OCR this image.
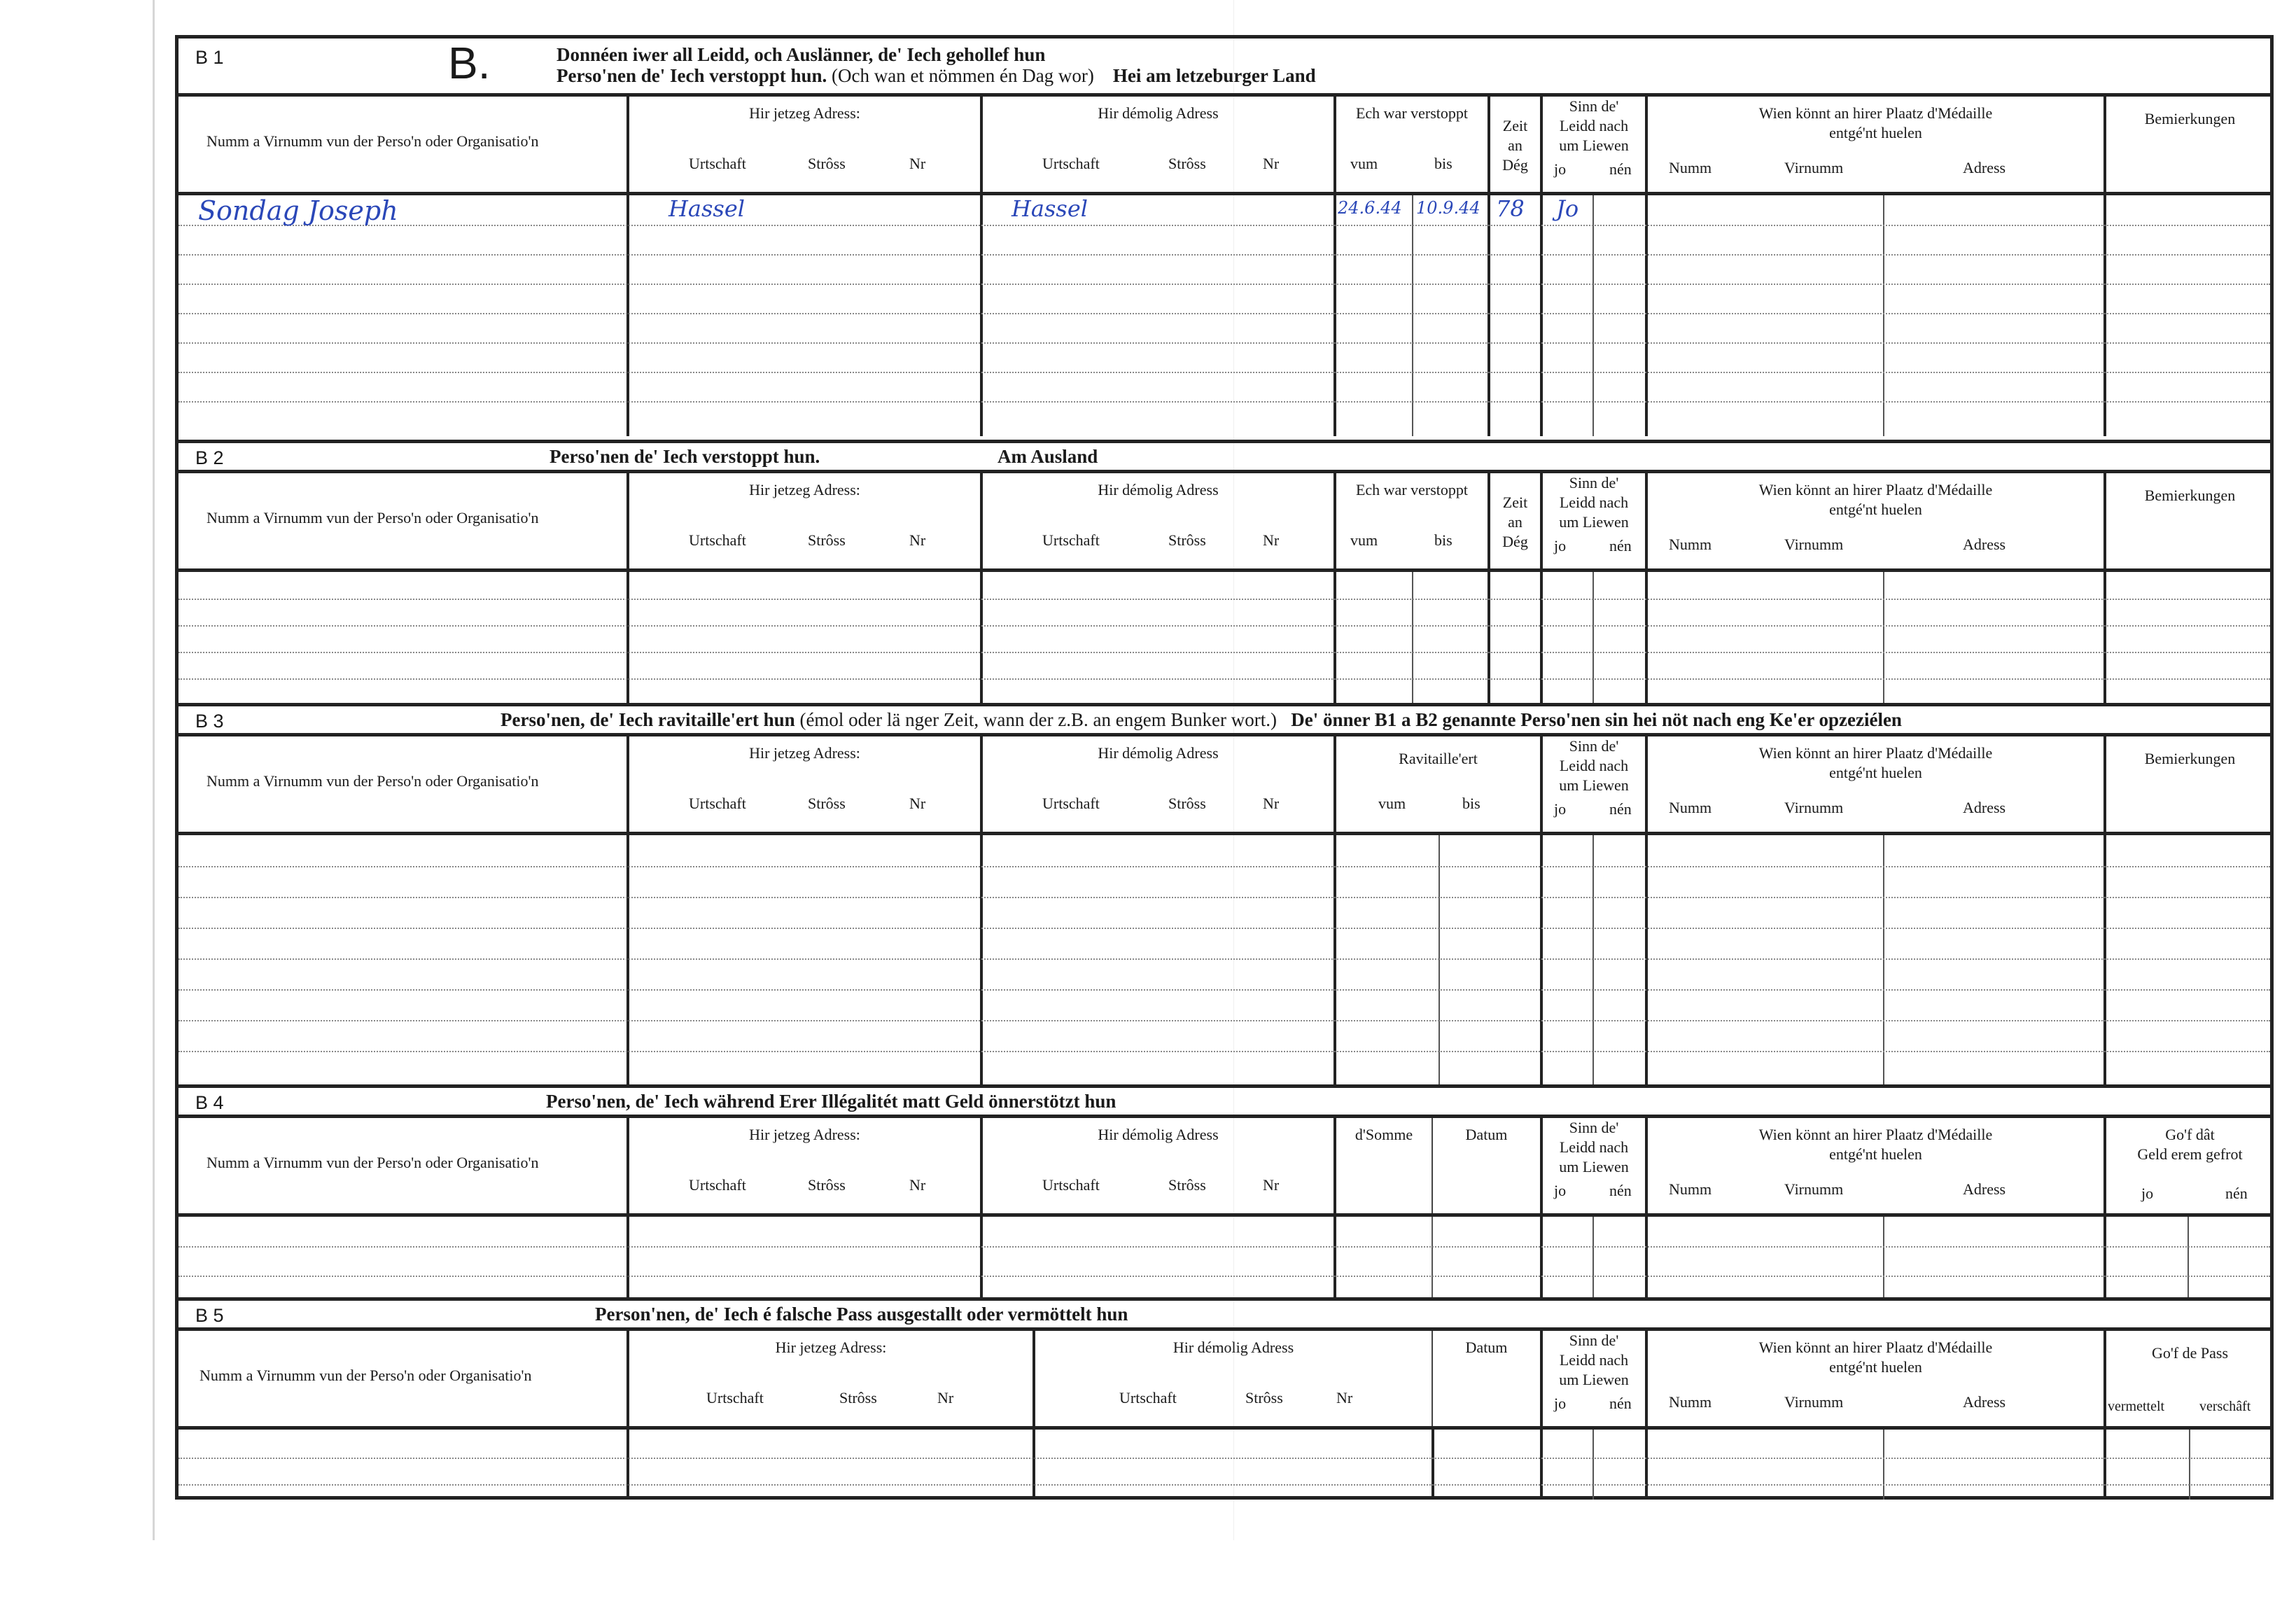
B 1	B.	Donnéen iwer all Leidd, och Auslänner, de' Iech gehollef hun
Perso'nen de' Iech verstoppt hun. (Och wan et nömmen én Dag wor) Hei am letzeburger Land
Numm a Virnumm vun der Perso'n oder Organisatio'n
Hir jetzeg Adress:
Urtschaft	Strôss	Nr
Hir démolig Adress
Urtschaft	Strôss	Nr
Ech war verstoppt
vum	bis
Zeit
an
Dég
Sinn de'
Leidd nach
um Liewen
jo	nén
Wien könnt an hirer Plaatz d'Médaille
entgé'nt huelen
Numm	Virnumm	Adress
Bemierkungen
Sondag Joseph	Hassel	Hassel	24.6.44 10.9.44 78 Jo
B 2	Perso'nen de' Iech verstoppt hun.	Am Ausland
Numm a Virnumm vun der Perso'n oder Organisatio'n
Hir jetzeg Adress:
Urtschaft	Strôss	Nr
Hir démolig Adress
Urtschaft	Strôss	Nr
Ech war verstoppt
vum	bis
Zeit
an
Dég
Sinn de'
Leidd nach
um Liewen
jo	nén
Wien könnt an hirer Plaatz d'Médaille
entgé'nt huelen
Numm	Virnumm	Adress
Bemierkungen
B 3	Perso'nen, de' Iech ravitaille'ert hun (émol oder lä nger Zeit, wann der z.B. an engem Bunker wort.) De' önner B1 a B2 genannte Perso'nen sin hei nöt nach eng Ke'er opzeziélen
Numm a Virnumm vun der Perso'n oder Organisatio'n
Hir jetzeg Adress:
Urtschaft	Strôss	Nr
Hir démolig Adress
Urtschaft	Strôss	Nr
Ravitaille'ert
vum	bis
Sinn de'
Leidd nach
um Liewen
jo	nén
Wien könnt an hirer Plaatz d'Médaille
entgé'nt huelen
Numm	Virnumm	Adress
Bemierkungen
B 4	Perso'nen, de' Iech während Erer Illégalitét matt Geld önnerstötzt hun
Numm a Virnumm vun der Perso'n oder Organisatio'n
Hir jetzeg Adress:
Urtschaft	Strôss	Nr
Hir démolig Adress
Urtschaft	Strôss	Nr
d'Somme	Datum	Sinn de'
Leidd nach
um Liewen
jo	nén
Wien könnt an hirer Plaatz d'Médaille
entgé'nt huelen
Numm	Virnumm	Adress
Go'f dât
Geld erem gefrot
jo	nén
B 5	Person'nen, de' Iech é falsche Pass ausgestallt oder vermöttelt hun
Numm a Virnumm vun der Perso'n oder Organisatio'n
Hir jetzeg Adress:
Urtschaft	Strôss	Nr
Hir démolig Adress
Urtschaft	Strôss	Nr
Datum	Sinn de'
Leidd nach
um Liewen
jo	nén
Wien könnt an hirer Plaatz d'Médaille
entgé'nt huelen
Numm	Virnumm	Adress
Go'f de Pass
vermettelt verschâft
